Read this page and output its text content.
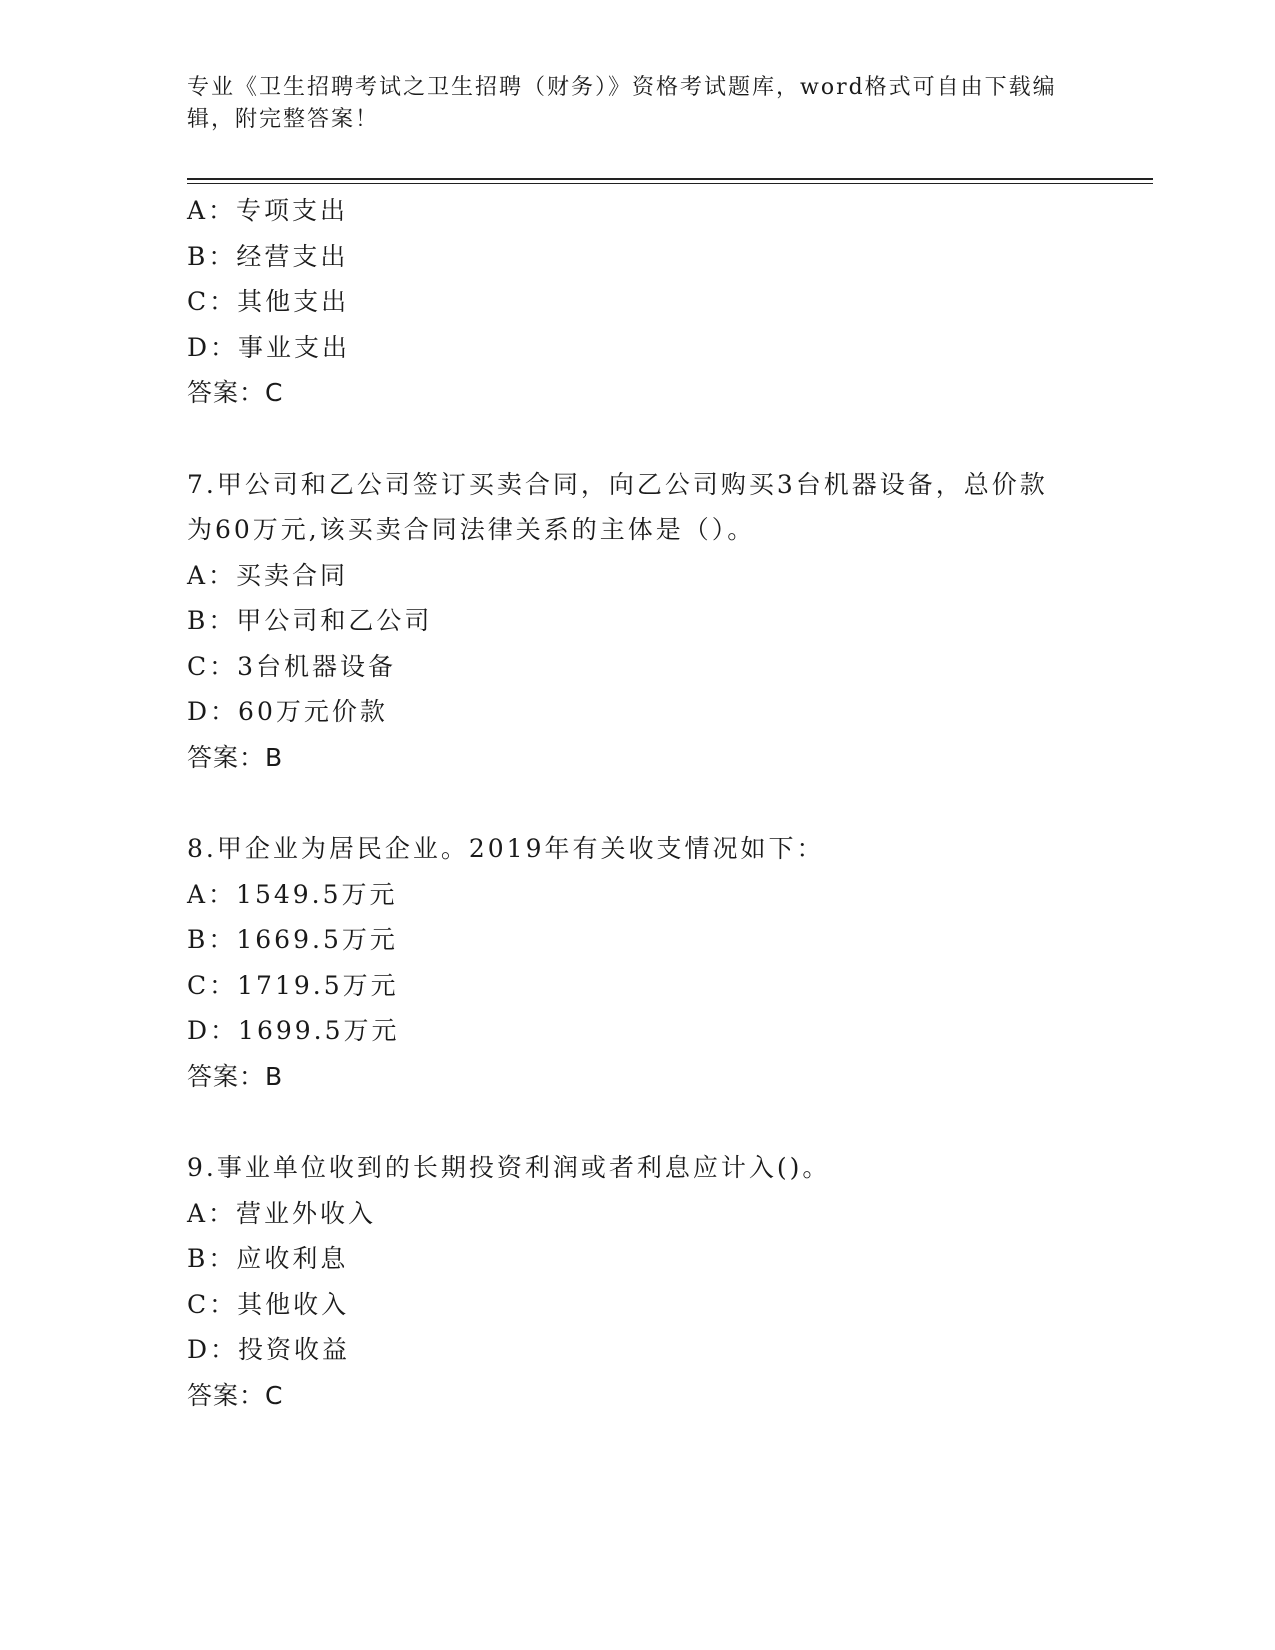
专业《卫生招聘考试之卫生招聘（财务）》资格考试题库，word格式可自由下载编辑，附完整答案！
A：专项支出
B：经营支出
C：其他支出
D：事业支出
答案：C
7.甲公司和乙公司签订买卖合同，向乙公司购买3台机器设备，总价款为60万元,该买卖合同法律关系的主体是（）。
A：买卖合同
B：甲公司和乙公司
C：3台机器设备
D：60万元价款
答案：B
8.甲企业为居民企业。2019年有关收支情况如下：
A：1549.5万元
B：1669.5万元
C：1719.5万元
D：1699.5万元
答案：B
9.事业单位收到的长期投资利润或者利息应计入()。
A：营业外收入
B：应收利息
C：其他收入
D：投资收益
答案：C
